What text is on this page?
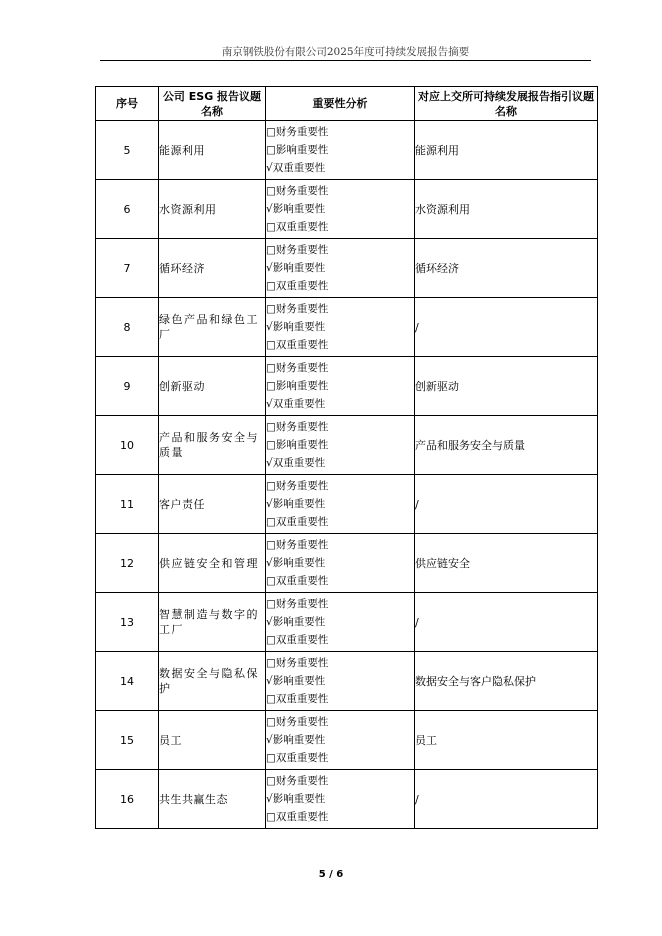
南京钢铁股份有限公司2025年度可持续发展报告摘要
序号	公司 ESG 报告议题名称	重要性分析	对应上交所可持续发展报告指引议题名称
5	能源利用	□财务重要性
□影响重要性
√双重重要性	能源利用
6	水资源利用	□财务重要性
√影响重要性
□双重重要性	水资源利用
7	循环经济	□财务重要性
√影响重要性
□双重重要性	循环经济
8	绿色产品和绿色工厂	□财务重要性
√影响重要性
□双重重要性	/
9	创新驱动	□财务重要性
□影响重要性
√双重重要性	创新驱动
10	产品和服务安全与质量	□财务重要性
□影响重要性
√双重重要性	产品和服务安全与质量
11	客户责任	□财务重要性
√影响重要性
□双重重要性	/
12	供应链安全和管理	□财务重要性
√影响重要性
□双重重要性	供应链安全
13	智慧制造与数字的工厂	□财务重要性
√影响重要性
□双重重要性	/
14	数据安全与隐私保护	□财务重要性
√影响重要性
□双重重要性	数据安全与客户隐私保护
15	员工	□财务重要性
√影响重要性
□双重重要性	员工
16	共生共赢生态	□财务重要性
√影响重要性
□双重重要性	/
5 / 6
